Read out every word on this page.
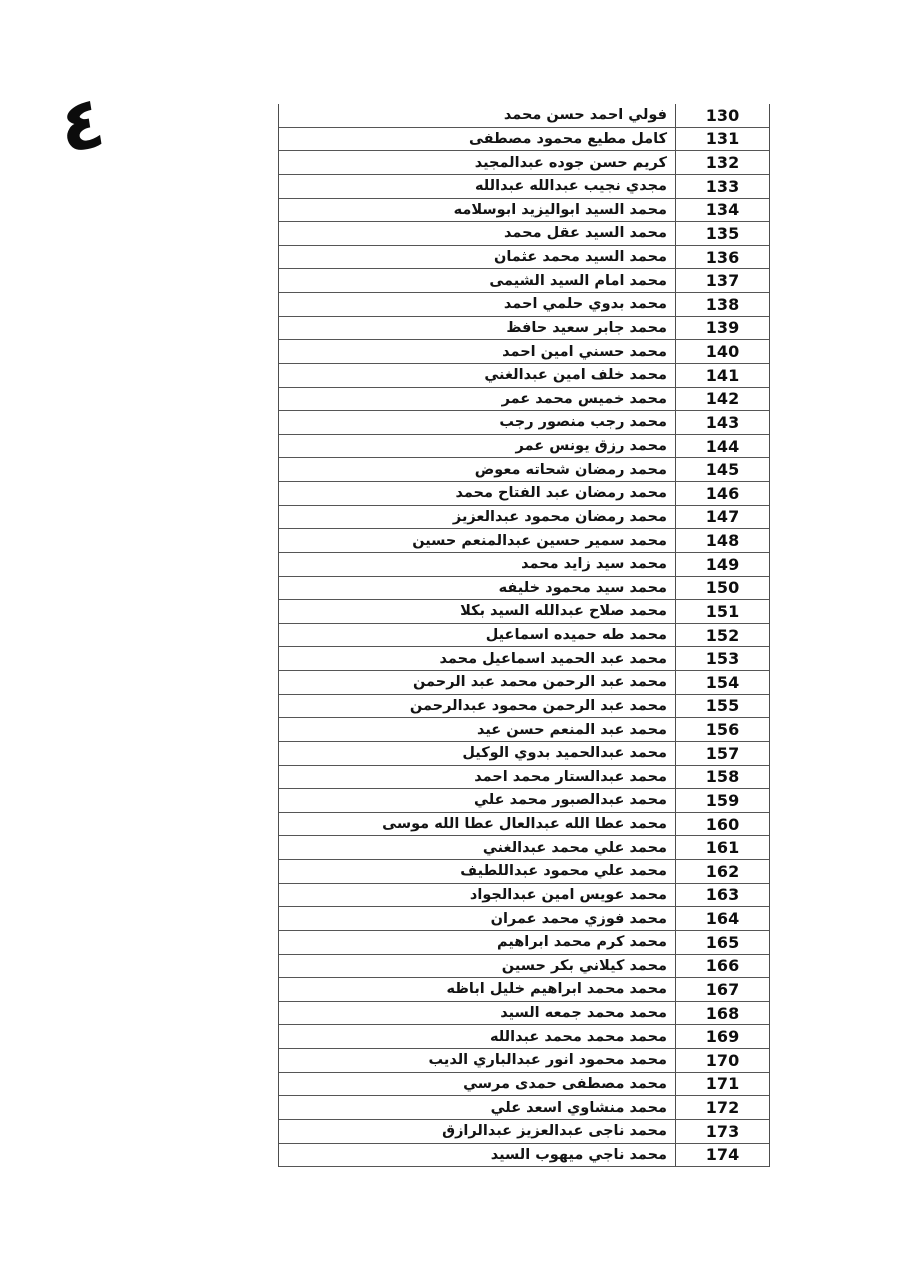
٤	فولي احمد حسن محمد	130
كامل مطيع محمود مصطفى	131
كريم حسن جوده عبدالمجيد	132
مجدي نجيب عبدالله عبدالله	133
محمد السيد ابواليزيد ابوسلامه	134
محمد السيد عقل محمد	135
محمد السيد محمد عثمان	136
محمد امام السيد الشيمى	137
محمد بدوي حلمي احمد	138
محمد جابر سعيد حافظ	139
محمد حسني امين احمد	140
محمد خلف امين عبدالغني	141
محمد خميس محمد عمر	142
محمد رجب منصور رجب	143
محمد رزق يونس عمر	144
محمد رمضان شحاته معوض	145
محمد رمضان عبد الفتاح محمد	146
محمد رمضان محمود عبدالعزيز	147
محمد سمير حسين عبدالمنعم حسين	148
محمد سيد زايد محمد	149
محمد سيد محمود خليفه	150
محمد صلاح عبدالله السيد بكلا	151
محمد طه حميده اسماعيل	152
محمد عبد الحميد اسماعيل محمد	153
محمد عبد الرحمن محمد عبد الرحمن	154
محمد عبد الرحمن محمود عبدالرحمن	155
محمد عبد المنعم حسن عيد	156
محمد عبدالحميد بدوي الوكيل	157
محمد عبدالستار محمد احمد	158
محمد عبدالصبور محمد علي	159
محمد عطا الله عبدالعال عطا الله موسى	160
محمد علي محمد عبدالغني	161
محمد علي محمود عبداللطيف	162
محمد عويس امين عبدالجواد	163
محمد فوزي محمد عمران	164
محمد كرم محمد ابراهيم	165
محمد كيلاني بكر حسين	166
محمد محمد ابراهيم خليل اباظه	167
محمد محمد جمعه السيد	168
محمد محمد محمد عبدالله	169
محمد محمود انور عبدالباري الديب	170
محمد مصطفى حمدى مرسي	171
محمد منشاوي اسعد علي	172
محمد ناجى عبدالعزيز عبدالرازق	173
محمد ناجي ميهوب السيد	174
